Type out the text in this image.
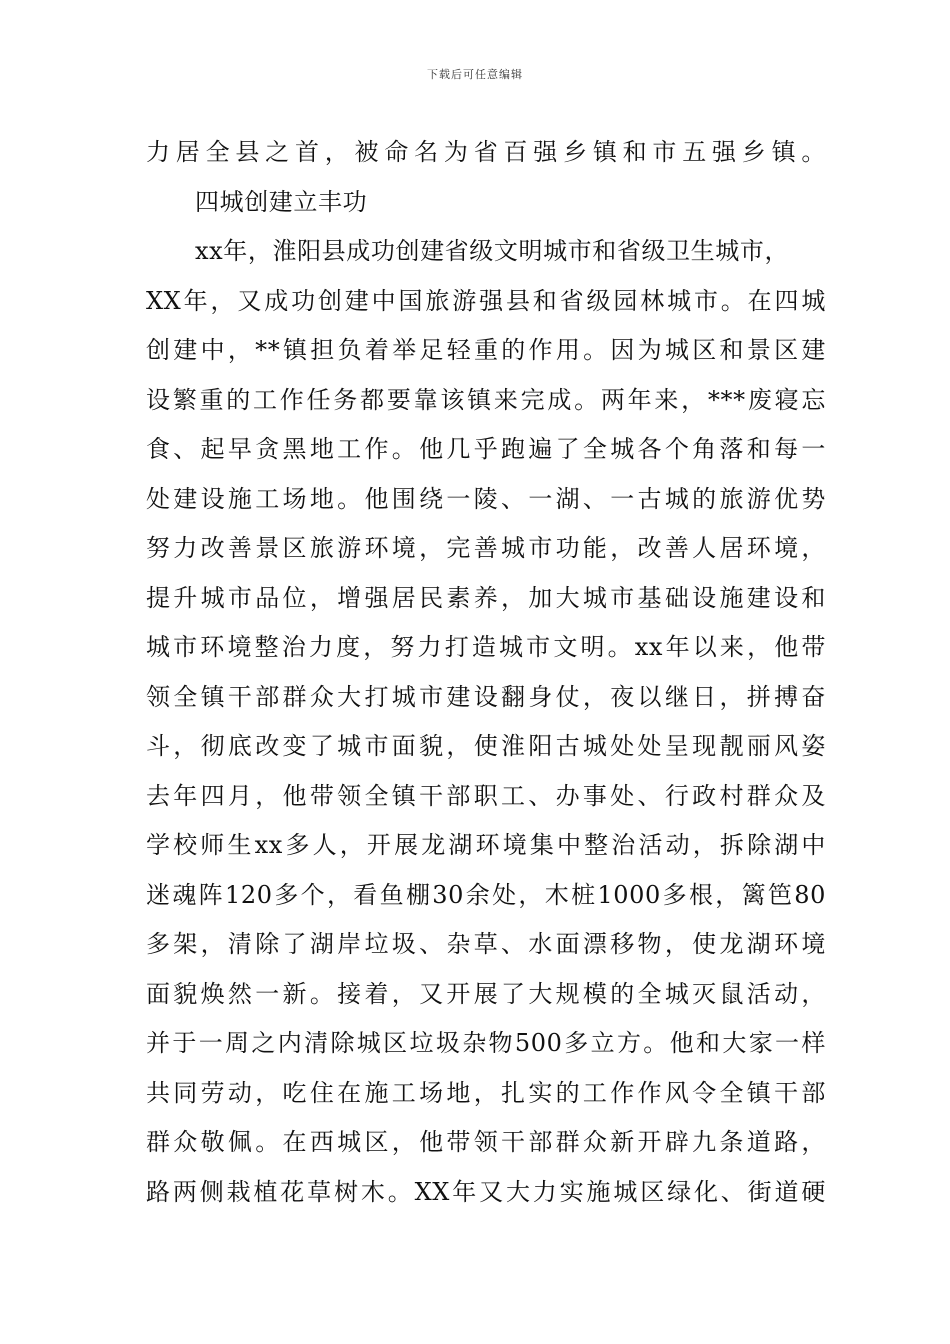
下载后可任意编辑
力居全县之首，被命名为省百强乡镇和市五强乡镇。
四城创建立丰功
xx年，淮阳县成功创建省级文明城市和省级卫生城市，
XX年，又成功创建中国旅游强县和省级园林城市。在四城
创建中，**镇担负着举足轻重的作用。因为城区和景区建
设繁重的工作任务都要靠该镇来完成。两年来，***废寝忘
食、起早贪黑地工作。他几乎跑遍了全城各个角落和每一
处建设施工场地。他围绕一陵、一湖、一古城的旅游优势
努力改善景区旅游环境，完善城市功能，改善人居环境，
提升城市品位，增强居民素养，加大城市基础设施建设和
城市环境整治力度，努力打造城市文明。xx年以来，他带
领全镇干部群众大打城市建设翻身仗，夜以继日，拼搏奋
斗，彻底改变了城市面貌，使淮阳古城处处呈现靓丽风姿
去年四月，他带领全镇干部职工、办事处、行政村群众及
学校师生xx多人，开展龙湖环境集中整治活动，拆除湖中
迷魂阵120多个，看鱼棚30余处，木桩1000多根，篱笆80
多架，清除了湖岸垃圾、杂草、水面漂移物，使龙湖环境
面貌焕然一新。接着，又开展了大规模的全城灭鼠活动，
并于一周之内清除城区垃圾杂物500多立方。他和大家一样
共同劳动，吃住在施工场地，扎实的工作作风令全镇干部
群众敬佩。在西城区，他带领干部群众新开辟九条道路，
路两侧栽植花草树木。XX年又大力实施城区绿化、街道硬
